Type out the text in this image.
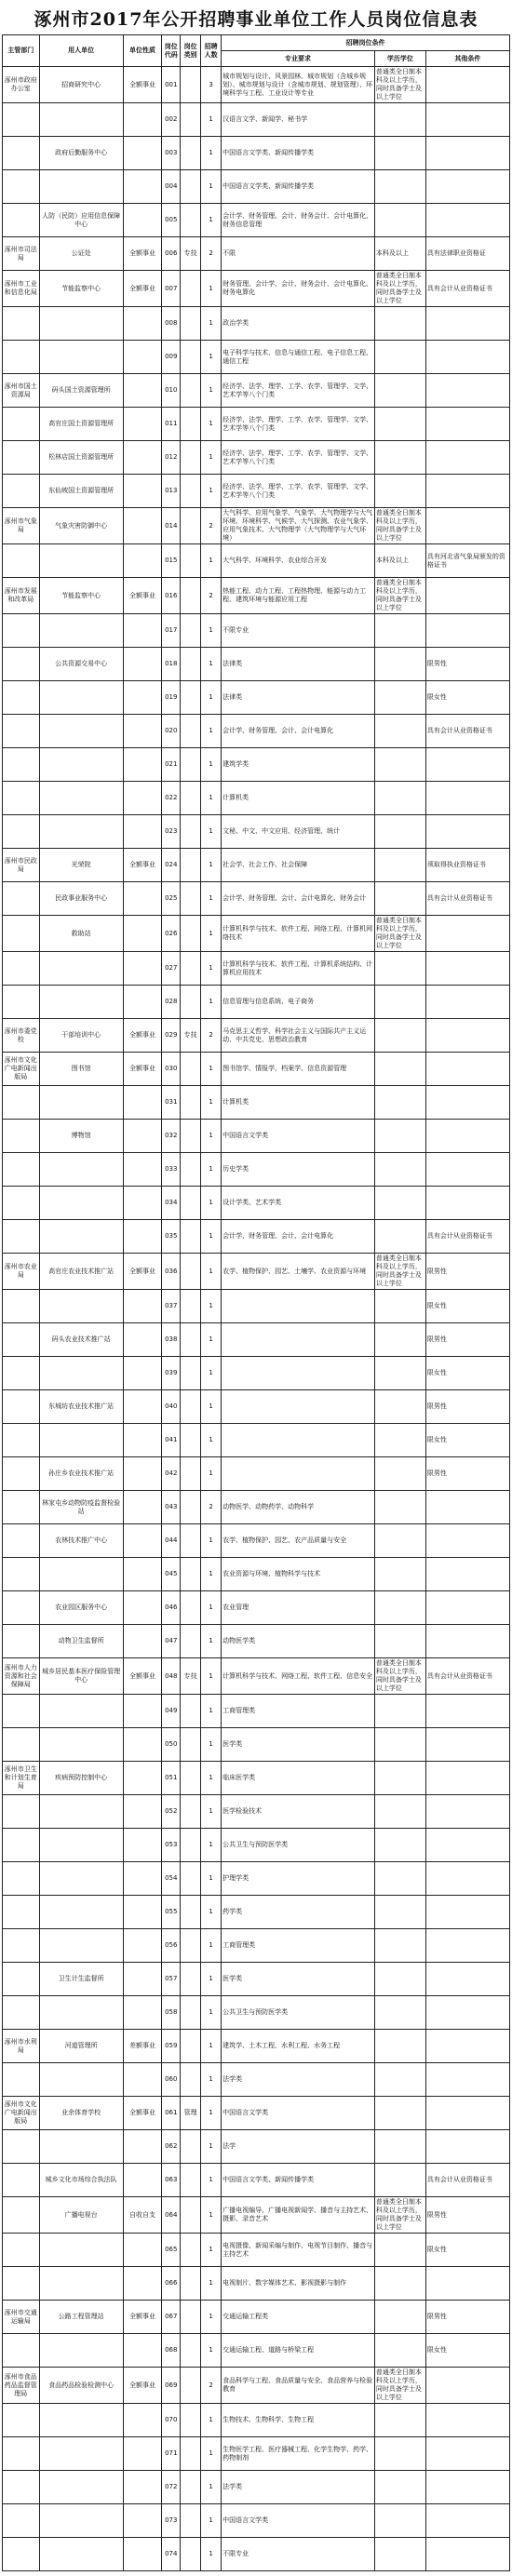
涿州市2017年公开招聘事业单位工作人员岗位信息表
主管部门	用人单位	单位性质	岗位代码	岗位类别	招聘人数	招聘岗位条件		
						专业要求	学历学位	其他条件
涿州市政府办公室	招商研究中心	全额事业	001		3	城市规划与设计、风景园林、城市规划（含城乡规划）、城市规划与设计（含城市规划、规划管理）、环境科学与工程、工业设计等专业	普通类全日制本科及以上学历，同时具备学士及以上学位	
			002		1	汉语言文学、新闻学、秘书学		
	政府后勤服务中心		003		1	中国语言文学类、新闻传播学类		
			004		1	中国语言文学类、新闻传播学类		
	人防（民防）应用信息保障中心		005		1	会计学、财务管理、会计、财务会计、会计电算化、财务信息管理		
涿州市司法局	公证处	全额事业	006	专技	2	不限	本科及以上	具有法律职业资格证
涿州市工业和信息化局	节能监察中心	全额事业	007		1	财务管理、会计学、会计、财务会计、会计电算化、财务电算化	普通类全日制本科及以上学历，同时具备学士及以上学位	具有会计从业资格证书
			008		1	政治学类		
			009		1	电子科学与技术、信息与通信工程、电子信息工程、通信工程		
涿州市国土资源局	码头国土资源管理所		010		1	经济学、法学、理学、工学、农学、管理学、文学、艺术学等八个门类		
	高官庄国土资源管理所		011		1	经济学、法学、理学、工学、农学、管理学、文学、艺术学等八个门类		
	松林店国土资源管理所		012		1	经济学、法学、理学、工学、农学、管理学、文学、艺术学等八个门类		
	东仙坡国土资源管理所		013		1	经济学、法学、理学、工学、农学、管理学、文学、艺术学等八个门类		
涿州市气象局	气象灾害防御中心		014		2	大气科学、应用气象学、气象学、大气物理学与大气环境、环境科学、气候学、大气探测、农业气象学、应用气象技术、大气物理学（大气物理学与大气环境）	普通类全日制本科及以上学历，同时具备学士及以上学位	
			015		1	大气科学、环境科学、农业综合开发	本科及以上	具有河北省气象局颁发的资格证书
涿州市发展和改革局	节能监察中心	全额事业	016		2	热能工程、动力工程、工程热物理、能源与动力工程、建筑环境与能源应用工程	普通类全日制本科及以上学历，同时具备学士及以上学位	
			017		1	不限专业		
	公共资源交易中心		018		1	法律类		限男性
			019		1	法律类		限女性
			020		1	会计学、财务管理、会计、会计电算化		具有会计从业资格证书
			021		1	建筑学类		
			022		1	计算机类		
			023		1	文秘、中文、中文应用、经济管理、统计		
涿州市民政局	光荣院	全额事业	024		1	社会学、社会工作、社会保障		须取得执业资格证书
	民政事业服务中心		025		1	会计学、财务管理、会计、会计电算化、财务会计		具有会计从业资格证书
	救助站		026		1	计算机科学与技术、软件工程、网络工程、计算机网络技术	普通类全日制本科及以上学历，同时具备学士及以上学位	
			027		1	计算机科学与技术、软件工程、计算机系统结构、计算机应用技术		
			028		1	信息管理与信息系统、电子商务		
涿州市委党校	干部培训中心	全额事业	029	专技	2	马克思主义哲学、科学社会主义与国际共产主义运动、中共党史、思想政治教育		
涿州市文化广电新闻出版局	图书馆	全额事业	030		1	图书馆学、情报学、档案学、信息资源管理		
			031		1	计算机类		
	博物馆		032		1	中国语言文学类		
			033		1	历史学类		
			034		1	设计学类、艺术学类		
			035		1	会计学、财务管理、会计、会计电算化		具有会计从业资格证书
涿州市农业局	高官庄农业技术推广站	全额事业	036		1	农学、植物保护、园艺、土壤学、农业资源与环境	普通类全日制本科及以上学历，同时具备学士及以上学位	限男性
			037		1			限女性
	码头农业技术推广站		038		1			限男性
			039		1			限女性
	东城坊农业技术推广站		040		1			限男性
			041		1			限女性
	孙庄乡农业技术推广站		042		1			限男性
	林家屯乡动物防疫监督检验站		043		2	动物医学、动物药学、动物科学		
	农林技术推广中心		044		1	农学、植物保护、园艺、农产品质量与安全		
			045		1	农业资源与环境、植物科学与技术		
	农业园区服务中心		046		1	农业管理		
	动物卫生监督所		047		1	动物医学类		
涿州市人力资源和社会保障局	城乡居民基本医疗保险管理中心	全额事业	048	专技	1	计算机科学与技术、网络工程、软件工程、信息安全	普通类全日制本科及以上学历，同时具备学士及以上学位	具有会计从业资格证书
			049		1	工商管理类		
			050		1	医学类		
涿州市卫生和计划生育局	疾病预防控制中心		051		1	临床医学类		
			052		1	医学检验技术		
			053		1	公共卫生与预防医学类		
			054		1	护理学类		
			055		1	药学类		
			056		1	工商管理类		
	卫生计生监督所		057		1	医学类		
			058		1	公共卫生与预防医学类		
涿州市水利局	河道管理所	差额事业	059		1	建筑学、土木工程、水利工程、水务工程		
			060		1	法学类		
涿州市文化广电新闻出版局	业余体育学校	全额事业	061	管理	1	中国语言文学类		
			062		1	法学		
	城乡文化市场综合执法队		063		1	中国语言文学类、新闻传播学类		具有会计从业资格证书
	广播电视台	自收自支	064		1	广播电视编导、广播电视新闻学、播音与主持艺术、摄影、录音艺术	普通类全日制本科及以上学历，同时具备学士及以上学位	限男性
			065		1	电视摄像、新闻采编与制作、电视节目制作、播音与主持艺术		限女性
			066		1	电视制片、数字媒体艺术、影视摄影与制作		
涿州市交通运输局	公路工程管理站	全额事业	067		1	交通运输工程类		限男性
			068		1	交通运输工程、道路与桥梁工程		限女性
涿州市食品药品监督管理局	食品药品检验检测中心	全额事业	069		2	食品科学与工程、食品质量与安全、食品营养与检验教育	普通类全日制本科及以上学历，同时具备学士及以上学位	
			070		1	生物技术、生物科学、生物工程		
			071		1	生物医学工程、医疗器械工程、化学生物学、药学、药物制剂		
			072		1	法学类		
			073		1	中国语言文学类		
			074		1	不限专业		
